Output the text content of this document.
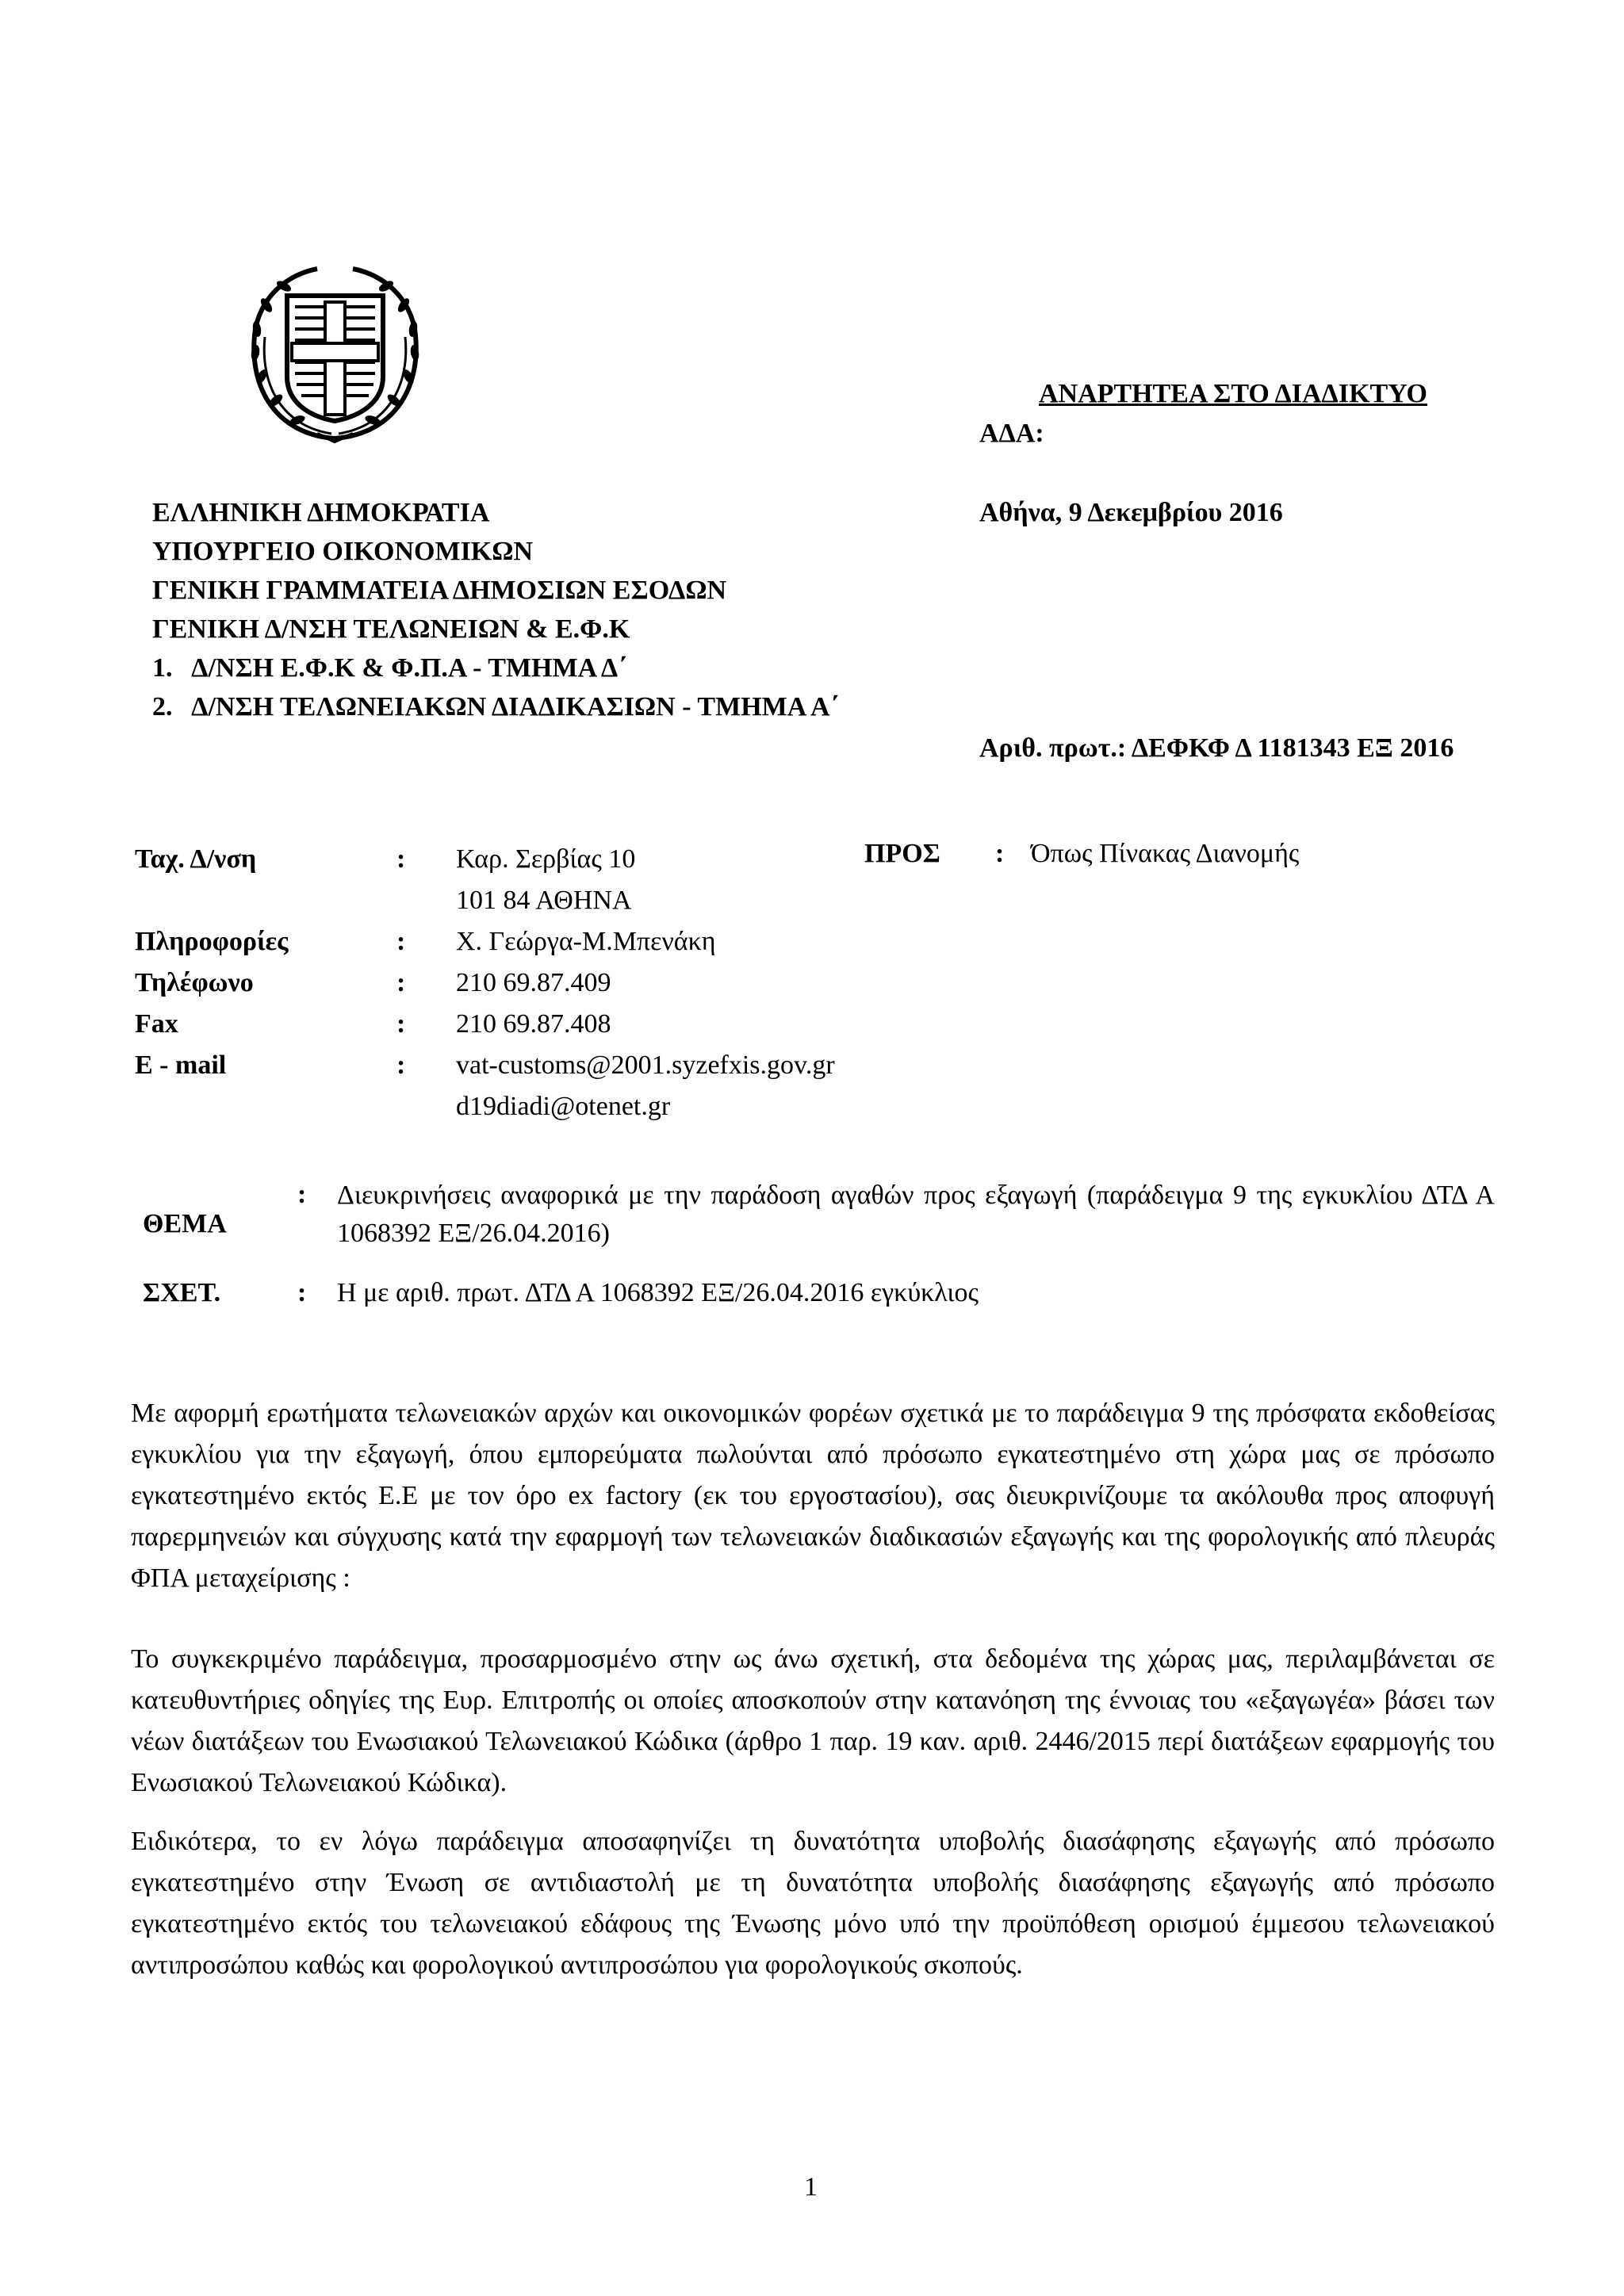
ΑΝΑΡΤΗΤΕΑ ΣΤΟ ΔΙΑΔΙΚΤΥΟ
ΑΔΑ:
Αθήνα, 9 Δεκεμβρίου 2016
Αριθ. πρωτ.: ΔΕΦΚΦ Δ 1181343 ΕΞ 2016
ΕΛΛΗΝΙΚΗ ΔΗΜΟΚΡΑΤΙΑ
ΥΠΟΥΡΓΕΙΟ ΟΙΚΟΝΟΜΙΚΩΝ
ΓΕΝΙΚΗ ΓΡΑΜΜΑΤΕΙΑ ΔΗΜΟΣΙΩΝ ΕΣΟΔΩΝ
ΓΕΝΙΚΗ Δ/ΝΣΗ ΤΕΛΩΝΕΙΩΝ & Ε.Φ.Κ
1.   Δ/ΝΣΗ Ε.Φ.Κ & Φ.Π.Α - ΤΜΗΜΑ Δ΄
2.   Δ/ΝΣΗ ΤΕΛΩΝΕΙΑΚΩΝ ΔΙΑΔΙΚΑΣΙΩΝ - ΤΜΗΜΑ Α΄
Ταχ. Δ/νση	: Καρ. Σερβίας 10
101 84 ΑΘΗΝΑ
Πληροφορίες	: Χ. Γεώργα-Μ.Μπενάκη
Τηλέφωνο	: 210 69.87.409
Fax	: 210 69.87.408
E - mail	: vat-customs@2001.syzefxis.gov.gr
d19diadi@otenet.gr
ΠΡΟΣ : Όπως Πίνακας Διανομής
ΘΕΜΑ
: Διευκρινήσεις αναφορικά με την παράδοση αγαθών προς εξαγωγή (παράδειγμα 9 της εγκυκλίου ΔΤΔ Α 1068392 ΕΞ/26.04.2016)
ΣΧΕΤ.	: Η με αριθ. πρωτ. ΔΤΔ Α 1068392 ΕΞ/26.04.2016 εγκύκλιος
Με αφορμή ερωτήματα τελωνειακών αρχών και οικονομικών φορέων σχετικά με το παράδειγμα 9 της πρόσφατα εκδοθείσας εγκυκλίου για την εξαγωγή, όπου εμπορεύματα πωλούνται από πρόσωπο εγκατεστημένο στη χώρα μας σε πρόσωπο εγκατεστημένο εκτός Ε.Ε με τον όρο ex factory (εκ του εργοστασίου), σας διευκρινίζουμε τα ακόλουθα προς αποφυγή παρερμηνειών και σύγχυσης κατά την εφαρμογή των τελωνειακών διαδικασιών εξαγωγής και της φορολογικής από πλευράς ΦΠΑ μεταχείρισης :
Το συγκεκριμένο παράδειγμα, προσαρμοσμένο στην ως άνω σχετική, στα δεδομένα της χώρας μας, περιλαμβάνεται σε κατευθυντήριες οδηγίες της Ευρ. Επιτροπής οι οποίες αποσκοπούν στην κατανόηση της έννοιας του «εξαγωγέα» βάσει των νέων διατάξεων του Ενωσιακού Τελωνειακού Κώδικα (άρθρο 1 παρ. 19 καν. αριθ. 2446/2015 περί διατάξεων εφαρμογής του Ενωσιακού Τελωνειακού Κώδικα).
Ειδικότερα, το εν λόγω παράδειγμα αποσαφηνίζει τη δυνατότητα υποβολής διασάφησης εξαγωγής από πρόσωπο εγκατεστημένο στην Ένωση σε αντιδιαστολή με τη δυνατότητα υποβολής διασάφησης εξαγωγής από πρόσωπο εγκατεστημένο εκτός του τελωνειακού εδάφους της Ένωσης μόνο υπό την προϋπόθεση ορισμού έμμεσου τελωνειακού αντιπροσώπου καθώς και φορολογικού αντιπροσώπου για φορολογικούς σκοπούς.
1
